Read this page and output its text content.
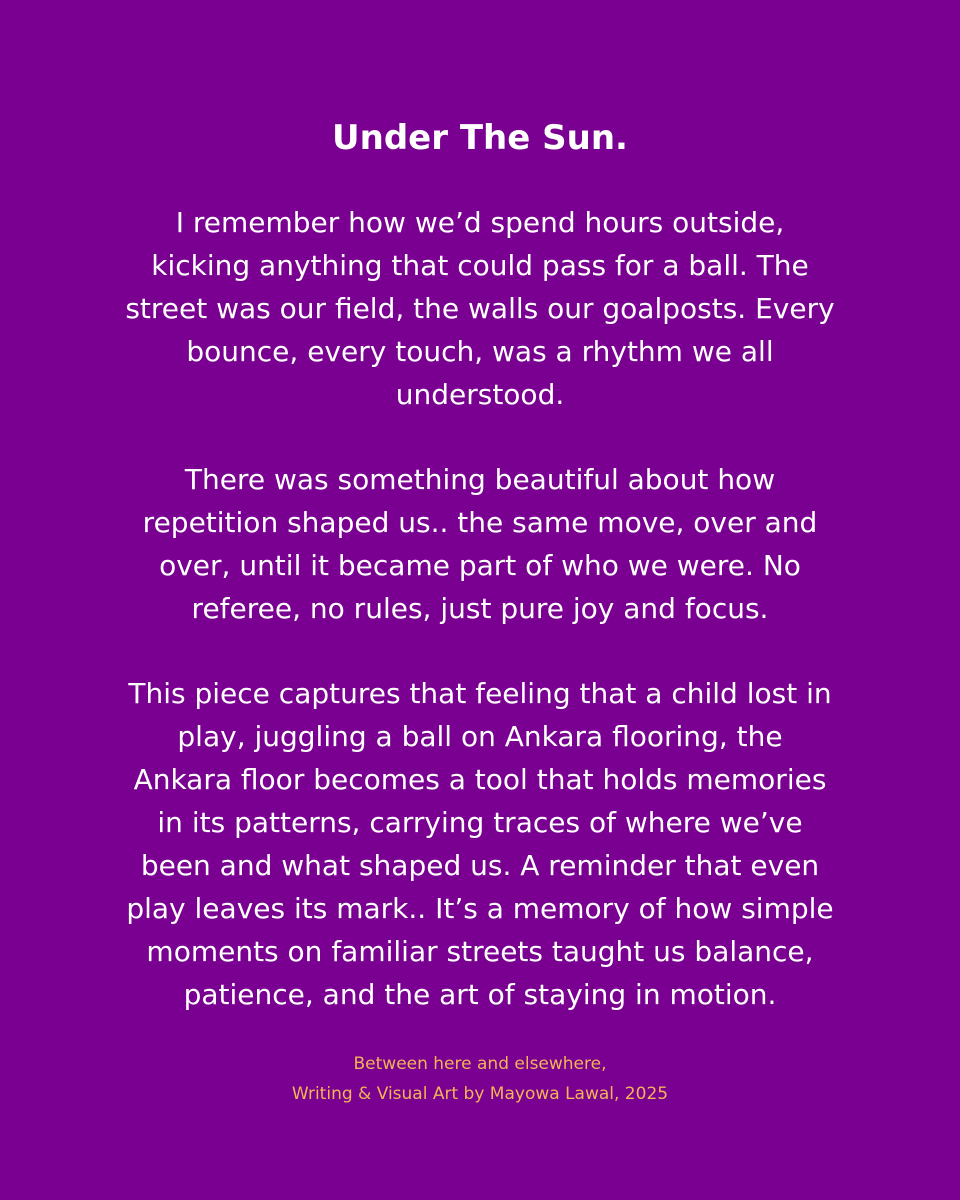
Under The Sun.

I remember how we’d spend hours outside,
kicking anything that could pass for a ball. The
street was our field, the walls our goalposts. Every
bounce, every touch, was a rhythm we all
understood.

There was something beautiful about how
repetition shaped us.. the same move, over and
over, until it became part of who we were. No
referee, no rules, just pure joy and focus.

This piece captures that feeling that a child lost in
play, juggling a ball on Ankara flooring, the
Ankara floor becomes a tool that holds memories
in its patterns, carrying traces of where we’ve
been and what shaped us. A reminder that even
play leaves its mark.. It’s a memory of how simple
moments on familiar streets taught us balance,
patience, and the art of staying in motion.

Between here and elsewhere,
Writing & Visual Art by Mayowa Lawal, 2025
